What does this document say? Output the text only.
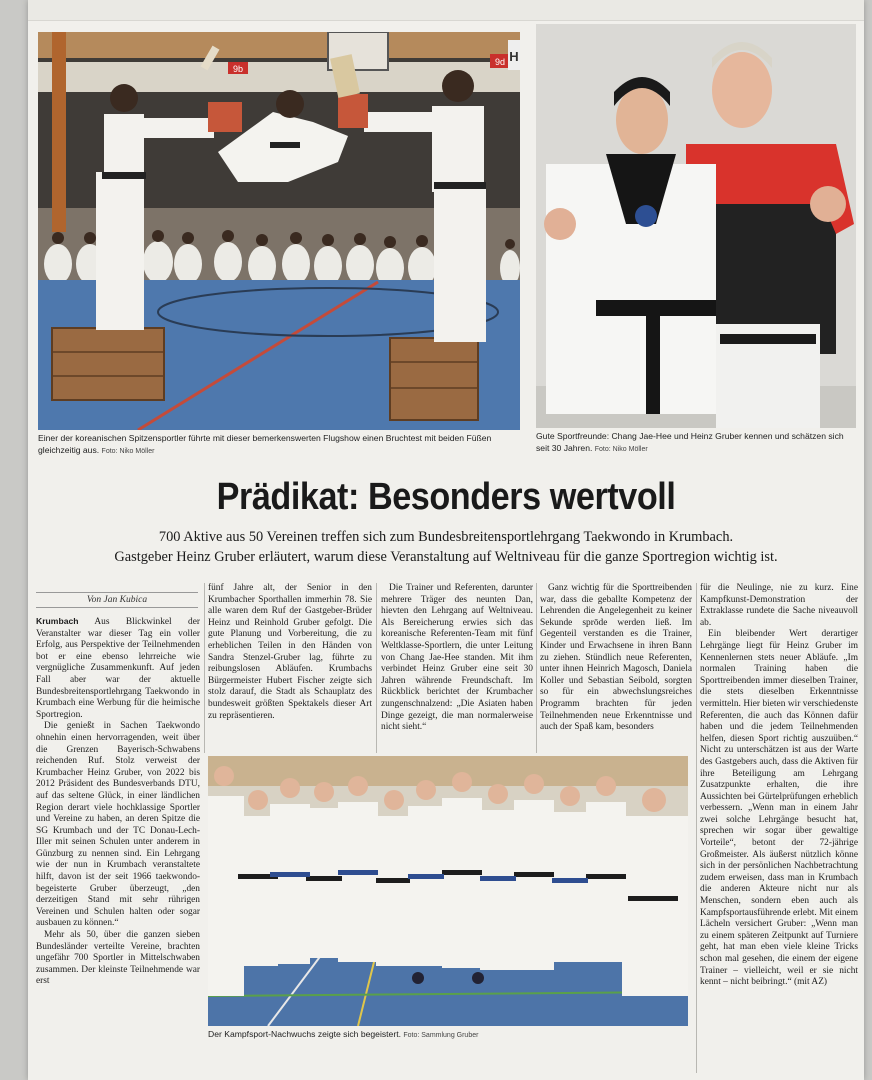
9b
9d H
Einer der koreanischen Spitzensportler führte mit dieser bemerkenswerten Flugshow einen Bruchtest mit beiden Füßen gleichzeitig aus. Foto: Niko Möller
Gute Sportfreunde: Chang Jae-Hee und Heinz Gruber kennen und schätzen sich seit 30 Jahren. Foto: Niko Möller
Prädikat: Besonders wertvoll
700 Aktive aus 50 Vereinen treffen sich zum Bundesbreitensportlehrgang Taekwondo in Krumbach.
Gastgeber Heinz Gruber erläutert, warum diese Veranstaltung auf Weltniveau für die ganze Sportregion wichtig ist.
Von Jan Kubica

Krumbach Aus Blickwinkel der Veranstalter war dieser Tag ein voller Erfolg, aus Perspektive der Teilnehmenden bot er eine ebenso lehrreiche wie vergnügliche Zusammenkunft. Auf jeden Fall aber war der aktuelle Bundesbreitensportlehrgang Taekwondo in Krumbach eine Werbung für die heimische Sportregion.

Die genießt in Sachen Taekwondo ohnehin einen hervorragenden, weit über die Grenzen Bayerisch-Schwabens reichenden Ruf. Stolz verweist der Krumbacher Heinz Gruber, von 2022 bis 2012 Präsident des Bundesverbands DTU, auf das seltene Glück, in einer ländlichen Region derart viele hochklassige Sportler und Vereine zu haben, an deren Spitze die SG Krumbach und der TC Donau-Lech-Iller mit seinen Schulen unter anderem in Günzburg zu nennen sind. Ein Lehrgang wie der nun in Krumbach veranstaltete hilft, davon ist der seit 1966 taekwondo-begeisterte Gruber überzeugt, „den derzeitigen Stand mit sehr rührigen Vereinen und Schulen halten oder sogar ausbauen zu können.“

Mehr als 50, über die ganzen sieben Bundesländer verteilte Vereine, brachten ungefähr 700 Sportler in Mittelschwaben zusammen. Der kleinste Teilnehmende war erst

fünf Jahre alt, der Senior in den Krumbacher Sporthallen immerhin 78. Sie alle waren dem Ruf der Gastgeber-Brüder Heinz und Reinhold Gruber gefolgt. Die gute Planung und Vorbereitung, die zu erheblichen Teilen in den Händen von Sandra Stenzel-Gruber lag, führte zu reibungslosen Abläufen. Krumbachs Bürgermeister Hubert Fischer zeigte sich stolz darauf, die Stadt als Schauplatz des bundesweit größten Spektakels dieser Art zu repräsentieren.

Die Trainer und Referenten, darunter mehrere Träger des neunten Dan, hievten den Lehrgang auf Weltniveau. Als Bereicherung erwies sich das koreanische Referenten-Team mit fünf Weltklasse-Sportlern, die unter Leitung von Chang Jae-Hee standen. Mit ihm verbindet Heinz Gruber eine seit 30 Jahren währende Freundschaft. Im Rückblick berichtet der Krumbacher zungenschnalzend: „Die Asiaten haben Dinge gezeigt, die man normalerweise nicht sieht.“

Ganz wichtig für die Sporttreibenden war, dass die geballte Kompetenz der Lehrenden die Angelegenheit zu keiner Sekunde sprōde werden ließ. Im Gegenteil verstanden es die Trainer, Kinder und Erwachsene in ihren Bann zu ziehen. Stündlich neue Referenten, unter ihnen Heinrich Magosch, Daniela Koller und Sebastian Seibold, sorgten so für ein abwechslungsreiches Programm brachten für jeden Teilnehmenden neue Erkenntnisse und auch der Spaß kam, besonders

für die Neulinge, nie zu kurz. Eine Kampfkunst-Demonstration der Extraklasse rundete die Sache niveauvoll ab.

Ein bleibender Wert derartiger Lehrgänge liegt für Heinz Gruber im Kennenlernen stets neuer Abläufe. „Im normalen Training haben die Sporttreibenden immer dieselben Trainer, die stets dieselben Erkenntnisse vermitteln. Hier bieten wir verschiedenste Referenten, die auch das Können dafür haben und die jedem Teilnehmenden helfen, diesen Sport richtig auszuüben.“ Nicht zu unterschätzen ist aus der Warte des Gastgebers auch, dass die Aktiven für ihre Beteiligung am Lehrgang Zusatzpunkte erhalten, die ihre Aussichten bei Gürtelprüfungen erheblich verbessern. „Wenn man in einem Jahr zwei solche Lehrgänge besucht hat, sprechen wir sogar über gewaltige Vorteile“, betont der 72-jährige Großmeister. Als äußerst nützlich könne sich in der persönlichen Nachbetrachtung zudem erweisen, dass man in Krumbach die anderen Akteure nicht nur als Menschen, sondern eben auch als Kampfsportausführende erlebt. Mit einem Lächeln versichert Gruber: „Wenn man zu einem späteren Zeitpunkt auf Turniere geht, hat man eben viele kleine Tricks schon mal gesehen, die einem der eigene Trainer – vielleicht, weil er sie nicht kennt – nicht beibringt.“ (mit AZ)

Der Kampfsport-Nachwuchs zeigte sich begeistert. Foto: Sammlung Gruber
